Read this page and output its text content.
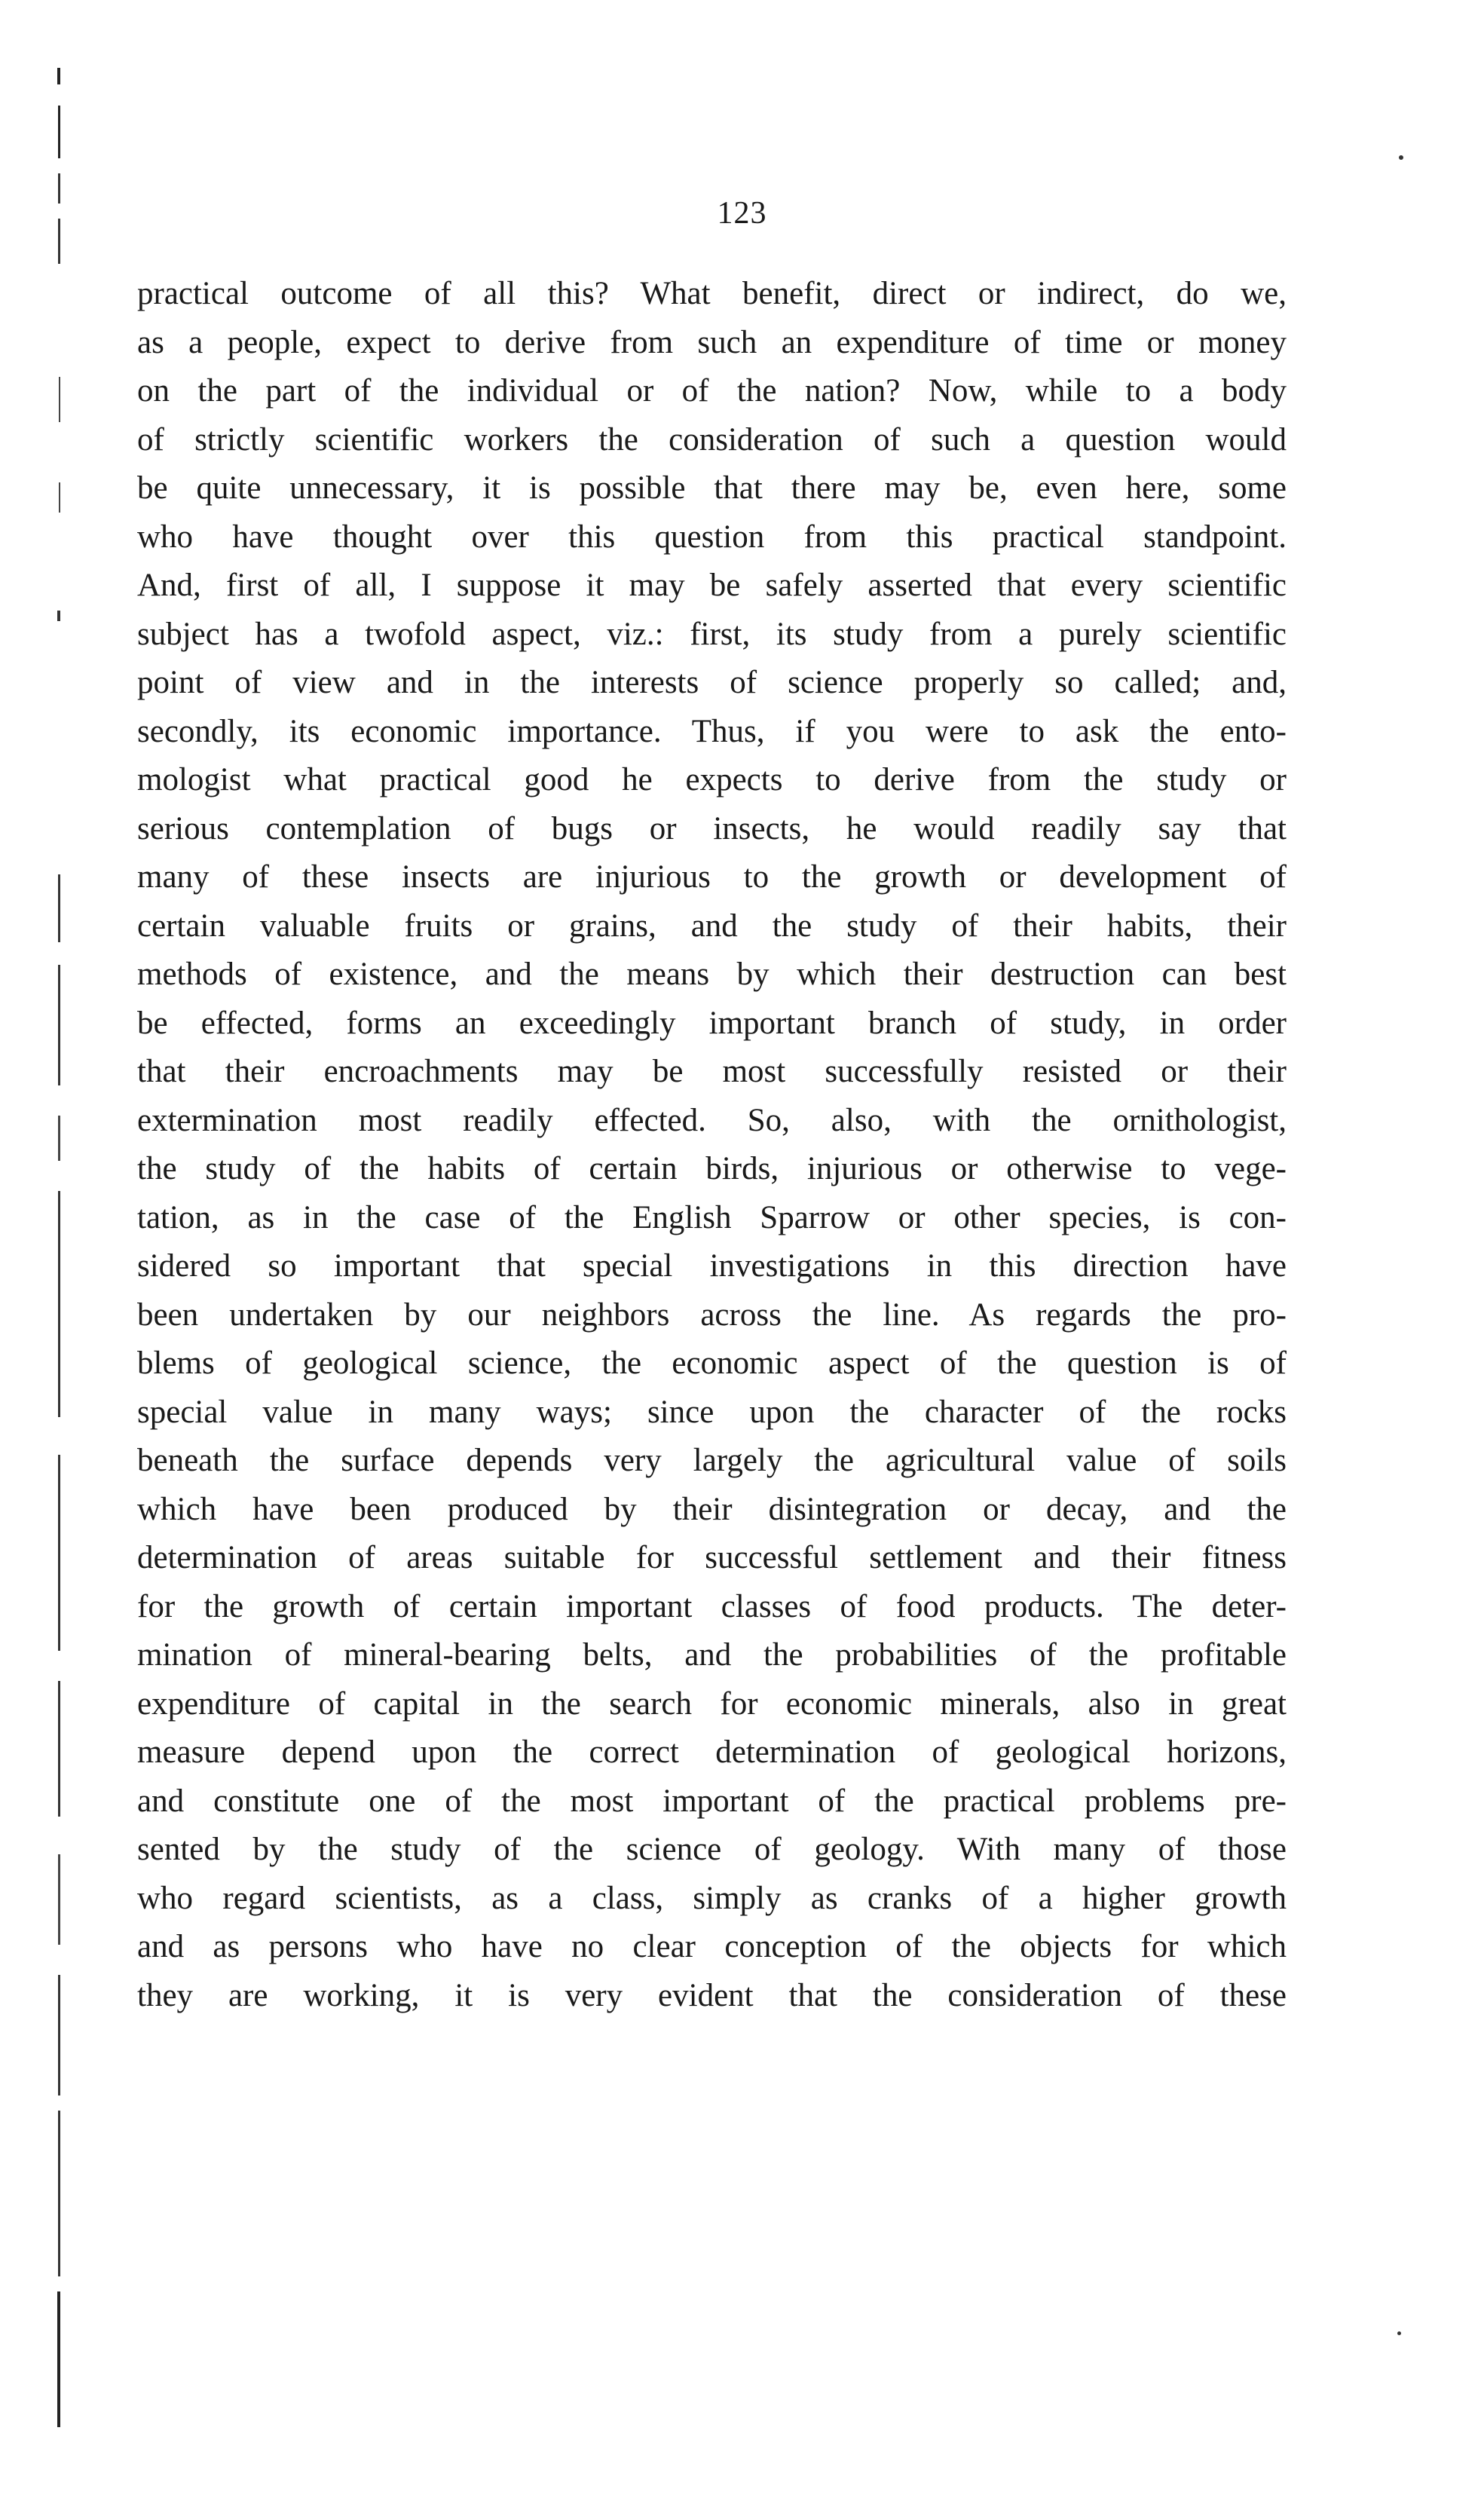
123
practical outcome of all this? What benefit, direct or indirect, do we,
as a people, expect to derive from such an expenditure of time or money
on the part of the individual or of the nation? Now, while to a body
of strictly scientific workers the consideration of such a question would
be quite unnecessary, it is possible that there may be, even here, some
who have thought over this question from this practical standpoint.
And, first of all, I suppose it may be safely asserted that every scientific
subject has a twofold aspect, viz.: first, its study from a purely scientific
point of view and in the interests of science properly so called; and,
secondly, its economic importance. Thus, if you were to ask the ento-
mologist what practical good he expects to derive from the study or
serious contemplation of bugs or insects, he would readily say that
many of these insects are injurious to the growth or development of
certain valuable fruits or grains, and the study of their habits, their
methods of existence, and the means by which their destruction can best
be effected, forms an exceedingly important branch of study, in order
that their encroachments may be most successfully resisted or their
extermination most readily effected. So, also, with the ornithologist,
the study of the habits of certain birds, injurious or otherwise to vege-
tation, as in the case of the English Sparrow or other species, is con-
sidered so important that special investigations in this direction have
been undertaken by our neighbors across the line. As regards the pro-
blems of geological science, the economic aspect of the question is of
special value in many ways; since upon the character of the rocks
beneath the surface depends very largely the agricultural value of soils
which have been produced by their disintegration or decay, and the
determination of areas suitable for successful settlement and their fitness
for the growth of certain important classes of food products. The deter-
mination of mineral-bearing belts, and the probabilities of the profitable
expenditure of capital in the search for economic minerals, also in great
measure depend upon the correct determination of geological horizons,
and constitute one of the most important of the practical problems pre-
sented by the study of the science of geology. With many of those
who regard scientists, as a class, simply as cranks of a higher growth
and as persons who have no clear conception of the objects for which
they are working, it is very evident that the consideration of these
